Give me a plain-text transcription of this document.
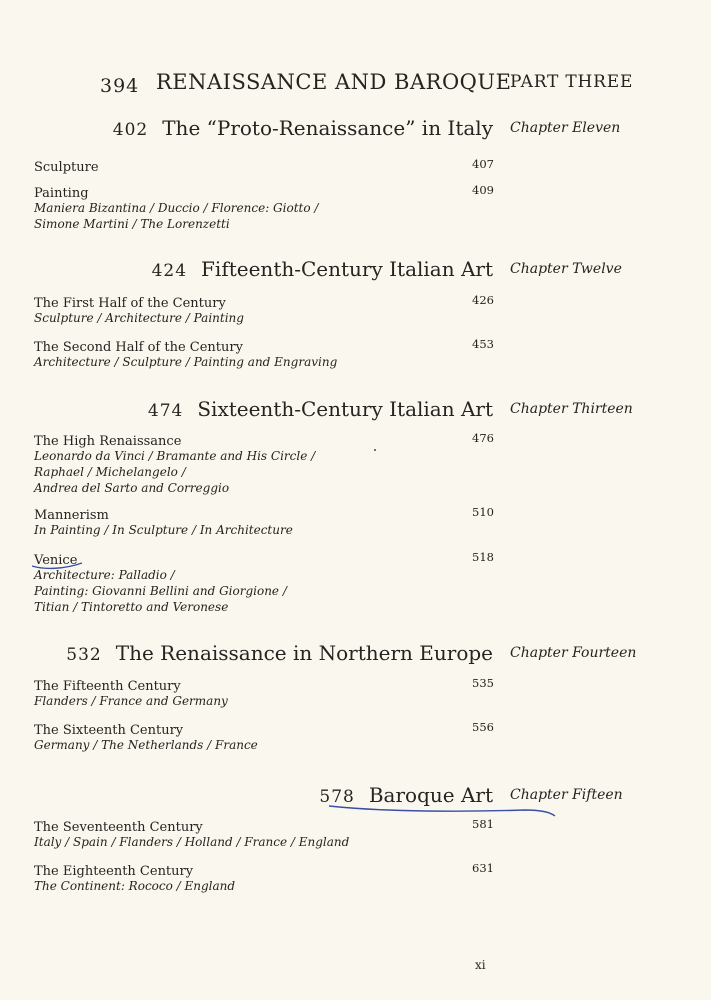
394 RENAISSANCE AND BAROQUE
PART THREE
402 The “Proto-Renaissance” in Italy Chapter Eleven
Sculpture	407
Painting	409
Maniera Bizantina / Duccio / Florence: Giotto /
Simone Martini / The Lorenzetti
424 Fifteenth-Century Italian Art Chapter Twelve
The First Half of the Century	426
Sculpture / Architecture / Painting
The Second Half of the Century	453
Architecture / Sculpture / Painting and Engraving
474 Sixteenth-Century Italian Art Chapter Thirteen
The High Renaissance	476
Leonardo da Vinci / Bramante and His Circle /
Raphael / Michelangelo /
Andrea del Sarto and Correggio
Mannerism	510
In Painting / In Sculpture / In Architecture
Venice	518
Architecture: Palladio /
Painting: Giovanni Bellini and Giorgione /
Titian / Tintoretto and Veronese
532 The Renaissance in Northern Europe Chapter Fourteen
The Fifteenth Century	535
Flanders / France and Germany
The Sixteenth Century	556
Germany / The Netherlands / France
578 Baroque Art Chapter Fifteen
The Seventeenth Century	581
Italy / Spain / Flanders / Holland / France / England
The Eighteenth Century	631
The Continent: Rococo / England
xi
